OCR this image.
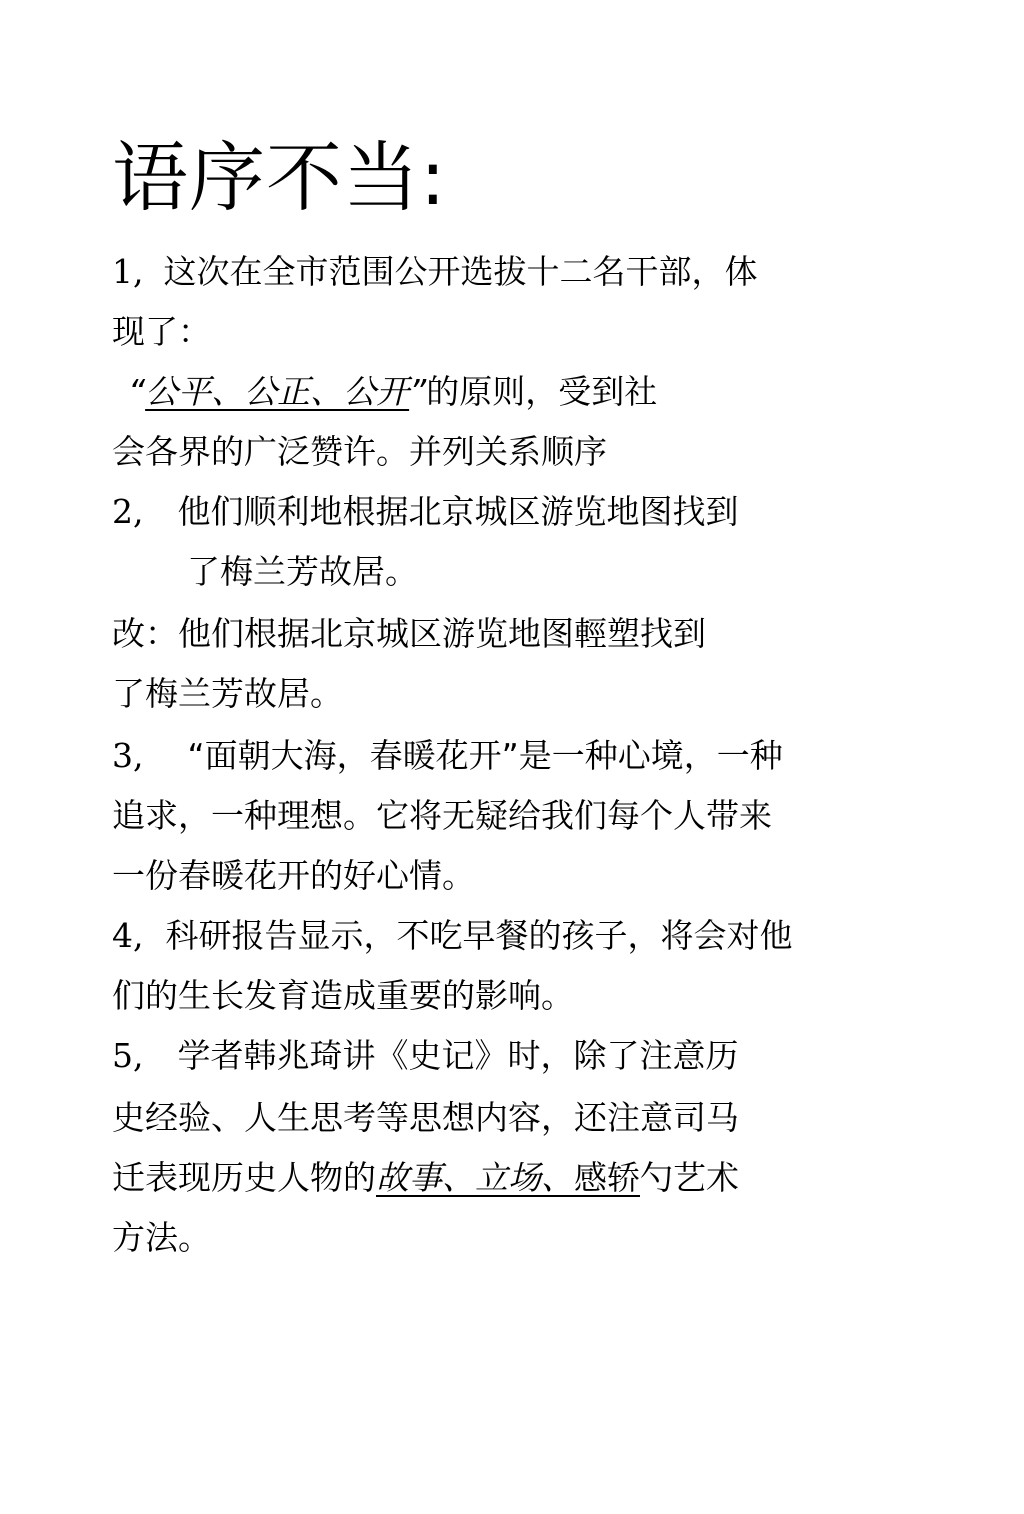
语序不当:
1, 这次在全市范围公开选拔十二名干部，体
现了：
“公平、公正、公开”的原则，受到社
会各界的广泛赞许。并列关系顺序
2, 他们顺利地根据北京城区游览地图找到
了梅兰芳故居。
改：他们根据北京城区游览地图輕塑找到
了梅兰芳故居。
3, “面朝大海，春暖花开”是一种心境，一种
追求，一种理想。它将无疑给我们每个人带来
一份春暖花开的好心情。
4, 科研报告显示，不吃早餐的孩子，将会对他
们的生长发育造成重要的影响。
5, 学者韩兆琦讲《史记》时，除了注意历
史经验、人生思考等思想内容，还注意司马
迁表现历史人物的故事、立场、感轿勺艺术
方法。
